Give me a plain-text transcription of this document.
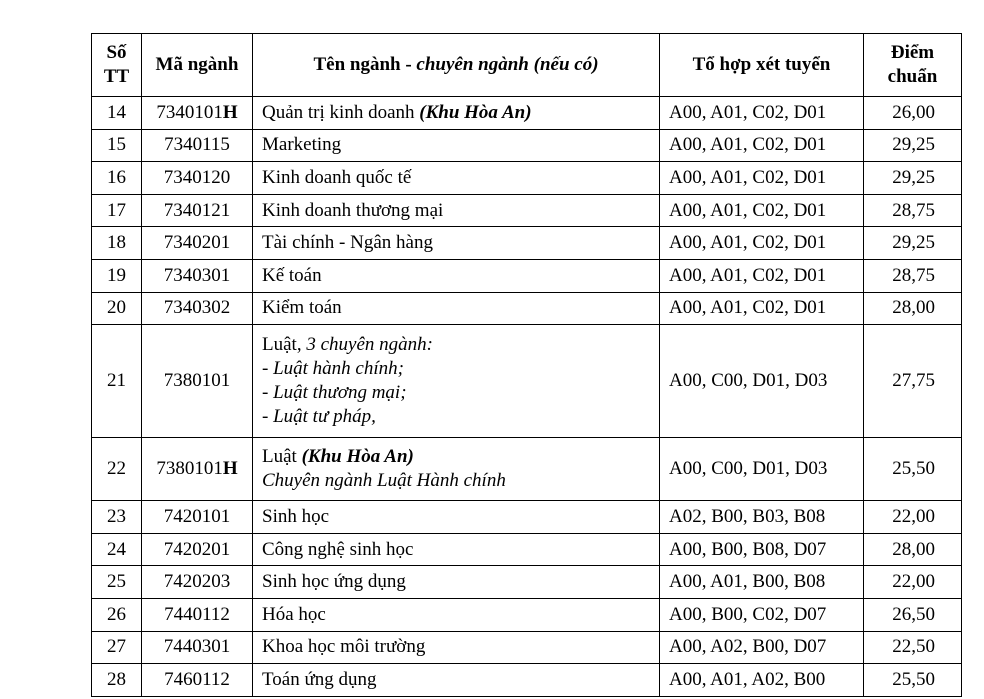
Số
TT	Mã ngành	Tên ngành - chuyên ngành (nếu có)	Tổ hợp xét tuyển	Điểm
chuẩn

14	7340101H	Quản trị kinh doanh (Khu Hòa An)	A00, A01, C02, D01	26,00
15	7340115	Marketing	A00, A01, C02, D01	29,25
16	7340120	Kinh doanh quốc tế	A00, A01, C02, D01	29,25
17	7340121	Kinh doanh thương mại	A00, A01, C02, D01	28,75
18	7340201	Tài chính - Ngân hàng	A00, A01, C02, D01	29,25
19	7340301	Kế toán	A00, A01, C02, D01	28,75
20	7340302	Kiểm toán	A00, A01, C02, D01	28,00
21	7380101	Luật, 3 chuyên ngành:
- Luật hành chính;
- Luật thương mại;
- Luật tư pháp,	A00, C00, D01, D03	27,75
22	7380101H	Luật (Khu Hòa An)
Chuyên ngành Luật Hành chính	A00, C00, D01, D03	25,50
23	7420101	Sinh học	A02, B00, B03, B08	22,00
24	7420201	Công nghệ sinh học	A00, B00, B08, D07	28,00
25	7420203	Sinh học ứng dụng	A00, A01, B00, B08	22,00
26	7440112	Hóa học	A00, B00, C02, D07	26,50
27	7440301	Khoa học môi trường	A00, A02, B00, D07	22,50
28	7460112	Toán ứng dụng	A00, A01, A02, B00	25,50
